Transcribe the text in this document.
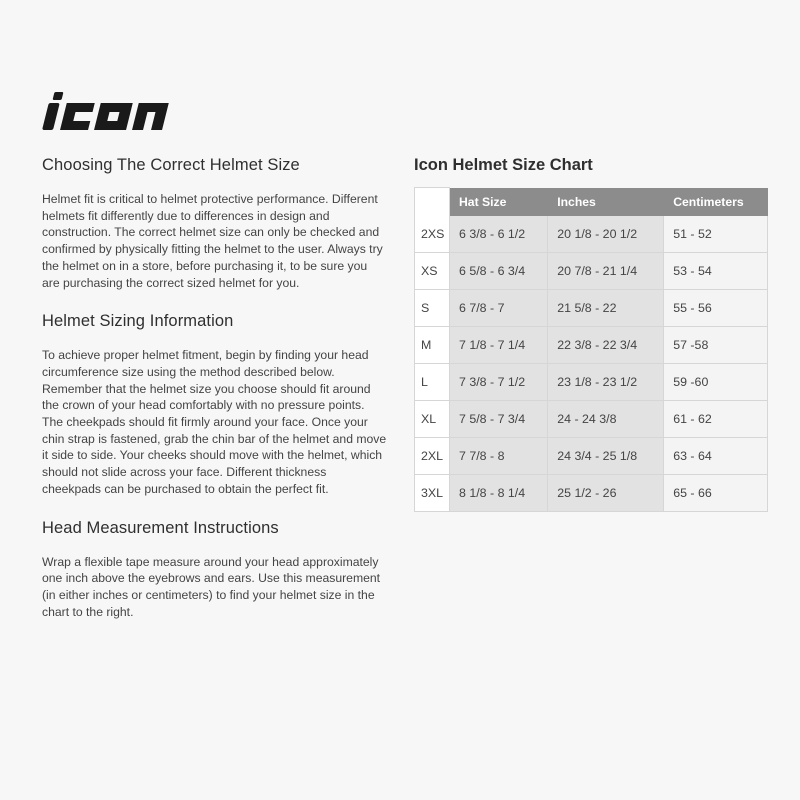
Choosing The Correct Helmet Size

Helmet fit is critical to helmet protective performance. Different helmets fit differently due to differences in design and construction. The correct helmet size can only be checked and confirmed by physically fitting the helmet to the user. Always try the helmet on in a store, before purchasing it, to be sure you are purchasing the correct sized helmet for you.

Helmet Sizing Information

To achieve proper helmet fitment, begin by finding your head circumference size using the method described below. Remember that the helmet size you choose should fit around the crown of your head comfortably with no pressure points. The cheekpads should fit firmly around your face. Once your chin strap is fastened, grab the chin bar of the helmet and move it side to side. Your cheeks should move with the helmet, which should not slide across your face. Different thickness cheekpads can be purchased to obtain the perfect fit.

Head Measurement Instructions

Wrap a flexible tape measure around your head approximately one inch above the eyebrows and ears. Use this measurement (in either inches or centimeters) to find your helmet size in the chart to the right.

Icon Helmet Size Chart
	Hat Size	Inches	Centimeters
2XS	6 3/8 - 6 1/2	20 1/8 - 20 1/2	51 - 52
XS	6 5/8 - 6 3/4	20 7/8 - 21 1/4	53 - 54
S	6 7/8 - 7	21 5/8 - 22	55 - 56
M	7 1/8 - 7 1/4	22 3/8 - 22 3/4	57 -58
L	7 3/8 - 7 1/2	23 1/8 - 23 1/2	59 -60
XL	7 5/8 - 7 3/4	24 - 24 3/8	61 - 62
2XL	7 7/8 - 8	24 3/4 - 25 1/8	63 - 64
3XL	8 1/8 - 8 1/4	25 1/2 - 26	65 - 66
